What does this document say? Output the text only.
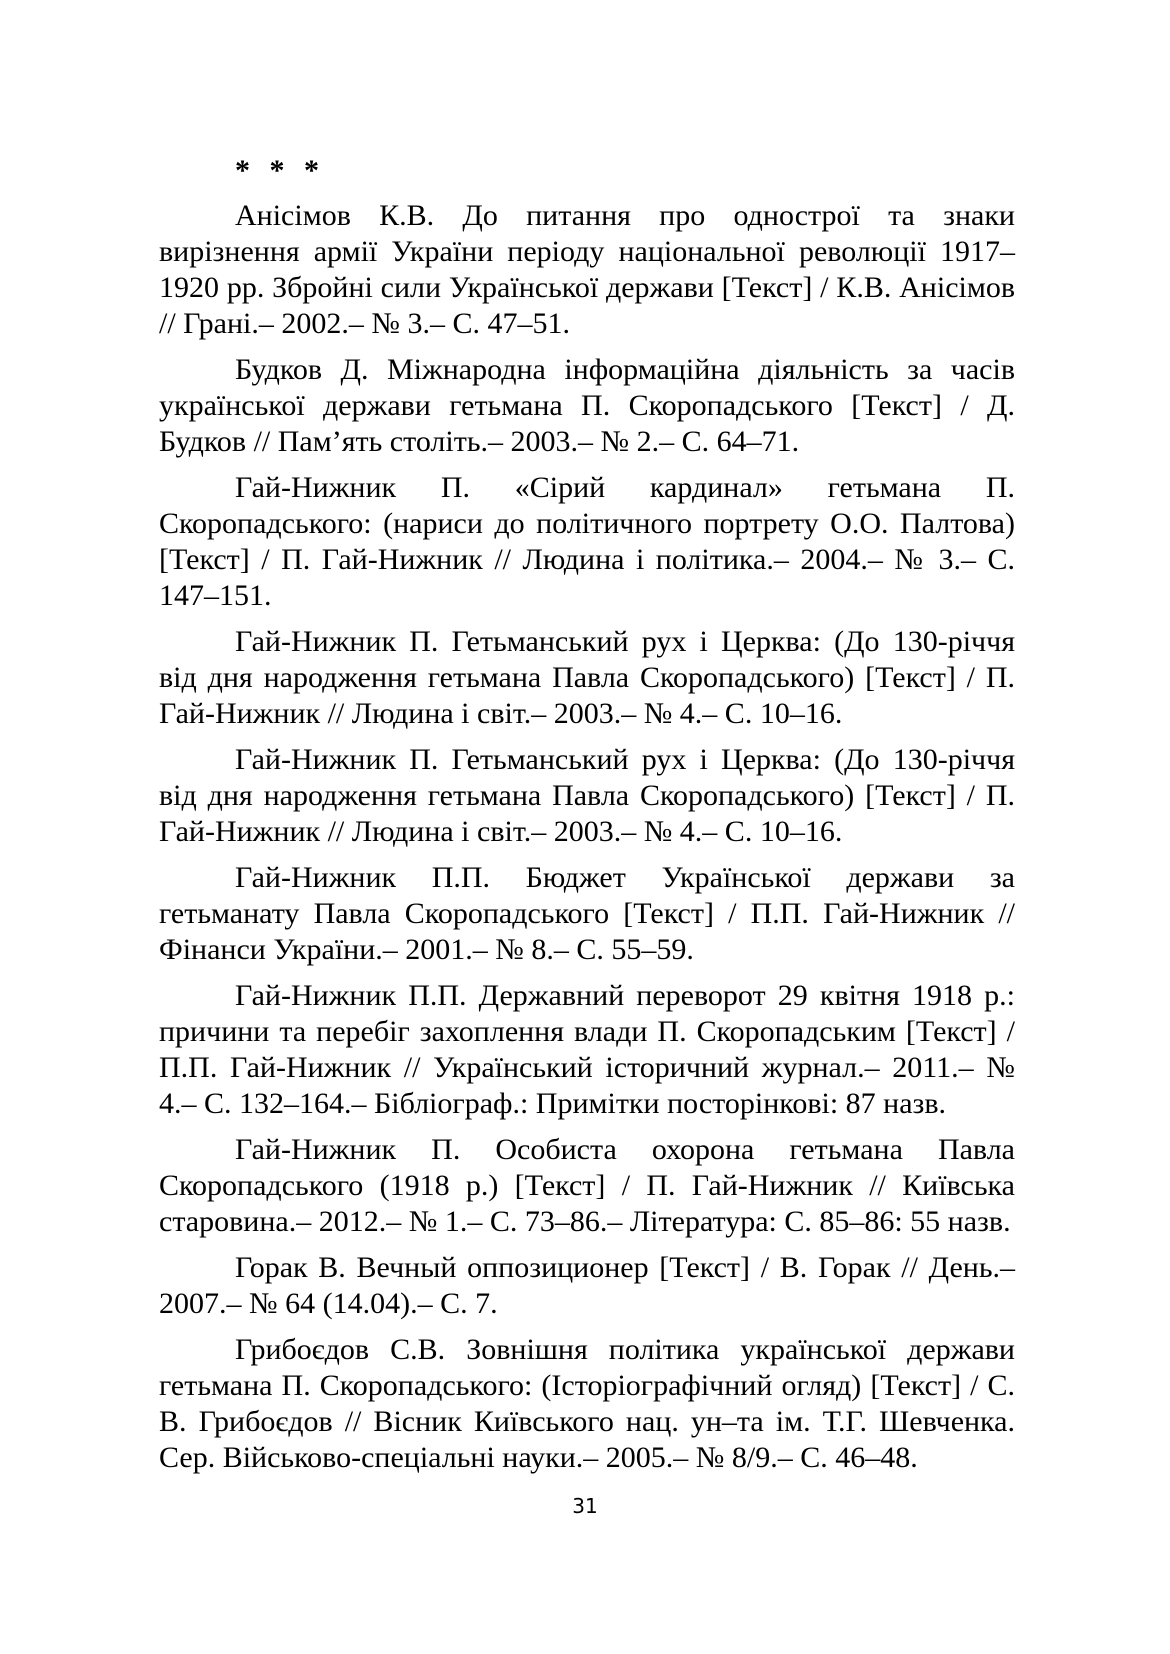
* * *

Анісімов К.В. До питання про однострої та знаки вирізнення армії України періоду національної революції 1917–1920 рр. Збройні сили Української держави [Текст] / К.В. Анісімов // Грані.– 2002.– № 3.– С. 47–51.

Будков Д. Міжнародна інформаційна діяльність за часів української держави гетьмана П. Скоропадського [Текст] / Д. Будков // Пам’ять століть.– 2003.– № 2.– С. 64–71.

Гай-Нижник П. «Сірий кардинал» гетьмана П. Скоропадського: (нариси до політичного портрету О.О. Палтова) [Текст] / П. Гай-Нижник // Людина і політика.– 2004.– № 3.– С. 147–151.

Гай-Нижник П. Гетьманський рух і Церква: (До 130-річчя від дня народження гетьмана Павла Скоропадського) [Текст] / П. Гай-Нижник // Людина і світ.– 2003.– № 4.– С. 10–16.

Гай-Нижник П. Гетьманський рух і Церква: (До 130-річчя від дня народження гетьмана Павла Скоропадського) [Текст] / П. Гай-Нижник // Людина і світ.– 2003.– № 4.– С. 10–16.

Гай-Нижник П.П. Бюджет Української держави за гетьманату Павла Скоропадського [Текст] / П.П. Гай-Нижник // Фінанси України.– 2001.– № 8.– С. 55–59.

Гай-Нижник П.П. Державний переворот 29 квітня 1918 р.: причини та перебіг захоплення влади П. Скоропадським [Текст] / П.П. Гай-Нижник // Український історичний журнал.– 2011.– № 4.– С. 132–164.– Бібліограф.: Примітки посторінкові: 87 назв.

Гай-Нижник П. Особиста охорона гетьмана Павла Скоропадського (1918 р.) [Текст] / П. Гай-Нижник // Київська старовина.– 2012.– № 1.– С. 73–86.– Література: С. 85–86: 55 назв.

Горак В. Вечный оппозиционер [Текст] / В. Горак // День.– 2007.– № 64 (14.04).– С. 7.

Грибоєдов С.В. Зовнішня політика української держави гетьмана П. Скоропадського: (Історіографічний огляд) [Текст] / С. В. Грибоєдов // Вісник Київського нац. ун–та ім. Т.Г. Шевченка. Сер. Військово-спеціальні науки.– 2005.– № 8/9.– С. 46–48.

31
